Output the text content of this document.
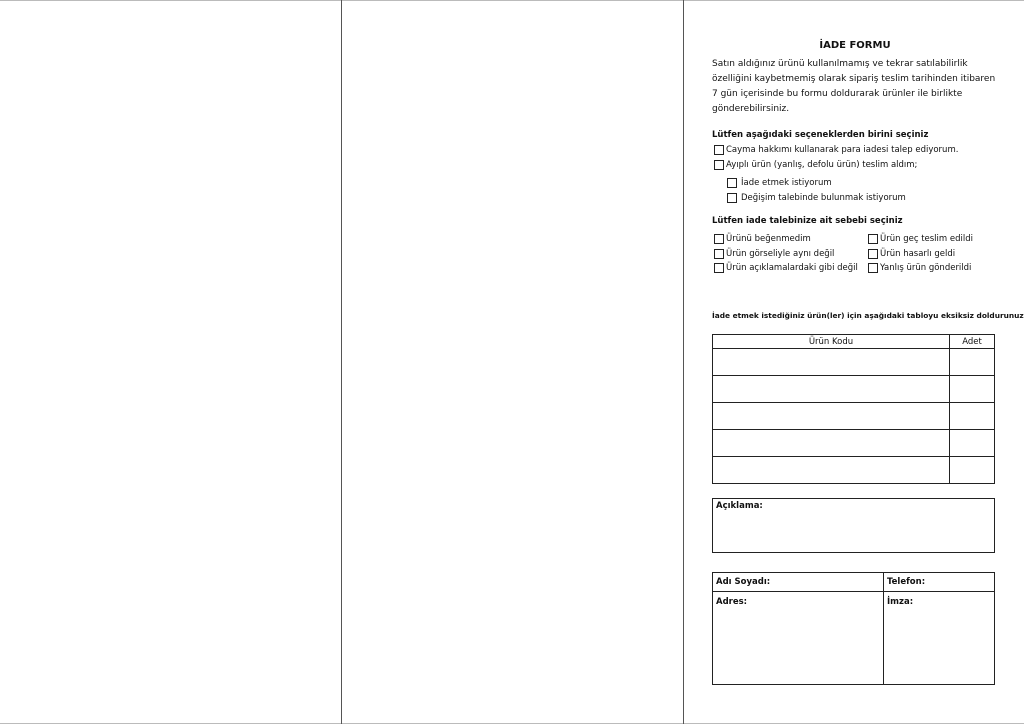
İADE FORMU
Satın aldığınız ürünü kullanılmamış ve tekrar satılabilirlik özelliğini kaybetmemiş olarak sipariş teslim tarihinden itibaren 7 gün içerisinde bu formu doldurarak ürünler ile birlikte gönderebilirsiniz.
Lütfen aşağıdaki seçeneklerden birini seçiniz
Cayma hakkımı kullanarak para iadesi talep ediyorum.
Ayıplı ürün (yanlış, defolu ürün) teslim aldım;
İade etmek istiyorum
Değişim talebinde bulunmak istiyorum
Lütfen iade talebinize ait sebebi seçiniz
Ürünü beğenmedim
Ürün görseliyle aynı değil
Ürün açıklamalardaki gibi değil
Ürün geç teslim edildi
Ürün hasarlı geldi
Yanlış ürün gönderildi
İade etmek istediğiniz ürün(ler) için aşağıdaki tabloyu eksiksiz doldurunuz
Ürün Kodu	Adet

Açıklama:
Adı Soyadı:	Telefon:
Adres:	İmza:
